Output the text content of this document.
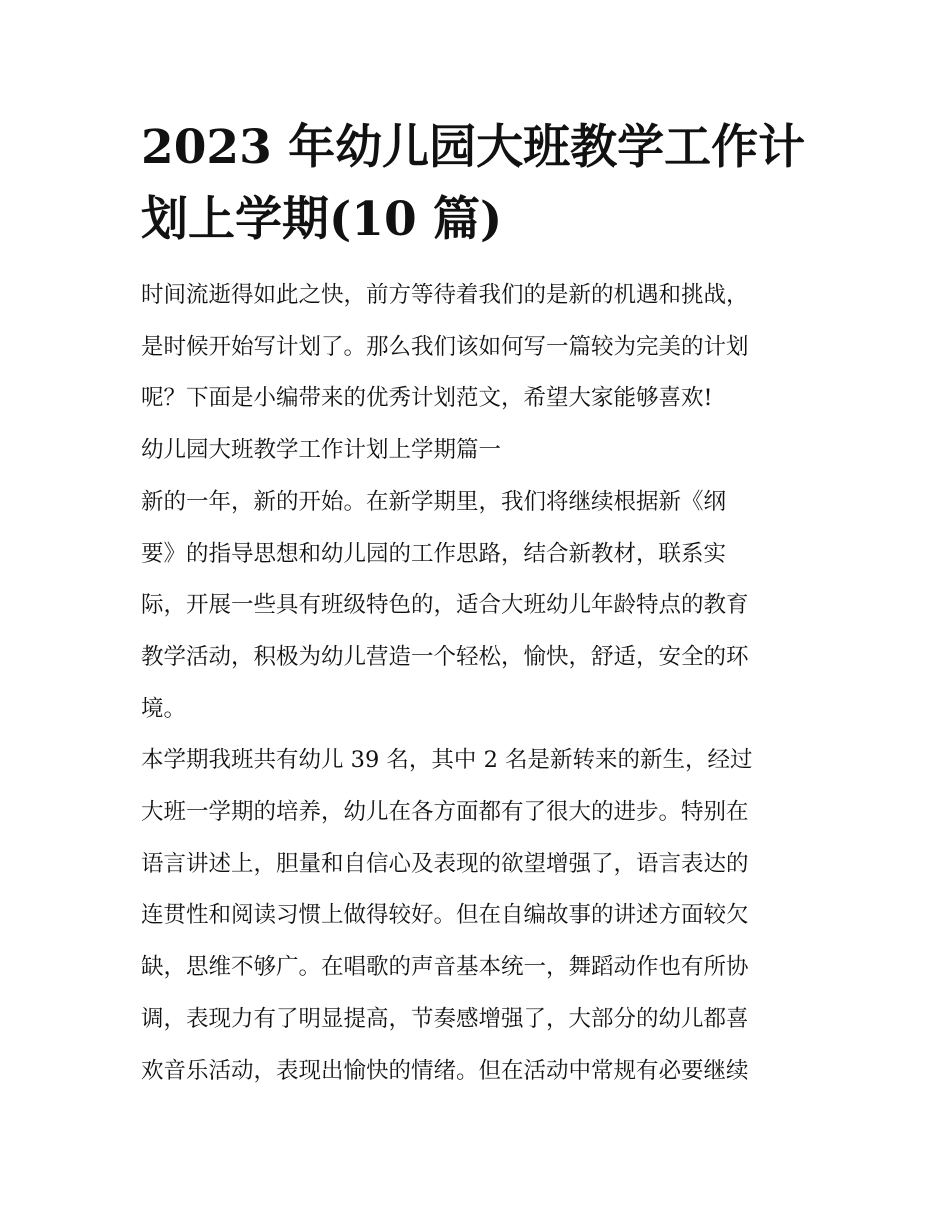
2023 年幼儿园大班教学工作计
划上学期(10 篇)
时间流逝得如此之快，前方等待着我们的是新的机遇和挑战，
是时候开始写计划了。那么我们该如何写一篇较为完美的计划
呢？下面是小编带来的优秀计划范文，希望大家能够喜欢!
幼儿园大班教学工作计划上学期篇一
新的一年，新的开始。在新学期里，我们将继续根据新《纲
要》的指导思想和幼儿园的工作思路，结合新教材，联系实
际，开展一些具有班级特色的，适合大班幼儿年龄特点的教育
教学活动，积极为幼儿营造一个轻松，愉快，舒适，安全的环
境。
本学期我班共有幼儿 39 名，其中 2 名是新转来的新生，经过
大班一学期的培养，幼儿在各方面都有了很大的进步。特别在
语言讲述上，胆量和自信心及表现的欲望增强了，语言表达的
连贯性和阅读习惯上做得较好。但在自编故事的讲述方面较欠
缺，思维不够广。在唱歌的声音基本统一，舞蹈动作也有所协
调，表现力有了明显提高，节奏感增强了，大部分的幼儿都喜
欢音乐活动，表现出愉快的情绪。但在活动中常规有必要继续
